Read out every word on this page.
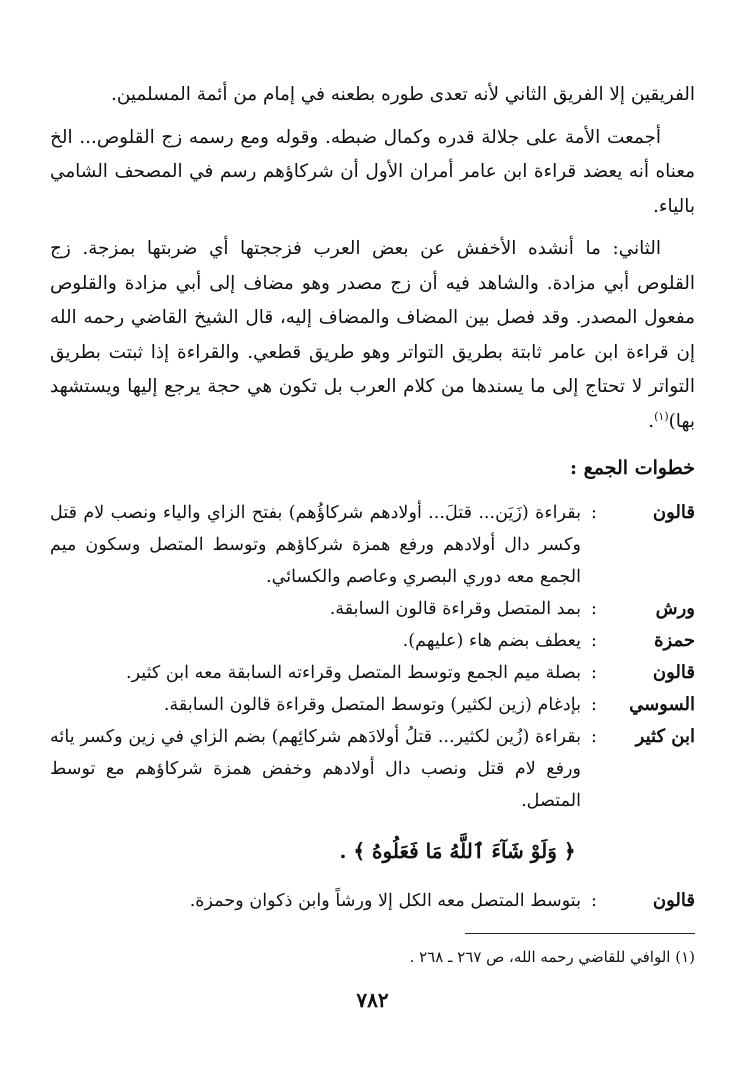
الفريقين إلا الفريق الثاني لأنه تعدى طوره بطعنه في إمام من أئمة المسلمين.

أجمعت الأمة على جلالة قدره وكمال ضبطه. وقوله ومع رسمه زج القلوص... الخ معناه أنه يعضد قراءة ابن عامر أمران الأول أن شركاؤهم رسم في المصحف الشامي بالياء.

الثاني: ما أنشده الأخفش عن بعض العرب فزججتها أي ضربتها بمزجة. زج القلوص أبي مزادة. والشاهد فيه أن زج مصدر وهو مضاف إلى أبي مزادة والقلوص مفعول المصدر. وقد فصل بين المضاف والمضاف إليه، قال الشيخ القاضي رحمه الله إن قراءة ابن عامر ثابتة بطريق التواتر وهو طريق قطعي. والقراءة إذا ثبتت بطريق التواتر لا تحتاج إلى ما يسندها من كلام العرب بل تكون هي حجة يرجع إليها ويستشهد بها)$^{(١)}$.

خطوات الجمع :
قالون
:
بقراءة (زَيَن... قتلَ... أولادهم شركاؤُهم) بفتح الزاي والياء ونصب لام قتل وكسر دال أولادهم ورفع همزة شركاؤهم وتوسط المتصل وسكون ميم الجمع معه دوري البصري وعاصم والكسائي.
ورش
:
بمد المتصل وقراءة قالون السابقة.
حمزة
:
يعطف بضم هاء (عليهم).
قالون
:
بصلة ميم الجمع وتوسط المتصل وقراءته السابقة معه ابن كثير.
السوسي
:
بإدغام (زين لكثير) وتوسط المتصل وقراءة قالون السابقة.
ابن كثير
:
بقراءة (زُين لكثير... قتلُ أولادَهم شركائِهم) بضم الزاي في زين وكسر يائه ورفع لام قتل ونصب دال أولادهم وخفض همزة شركاؤهم مع توسط المتصل.
﴿ وَلَوْ شَآءَ ٱللَّهُ مَا فَعَلُوهُ ﴾ .
قالون
:
بتوسط المتصل معه الكل إلا ورشاً وابن ذكوان وحمزة.
(١) الوافي للقاضي رحمه الله، ص ٢٦٧ ـ ٢٦٨ .
٧٨٢
